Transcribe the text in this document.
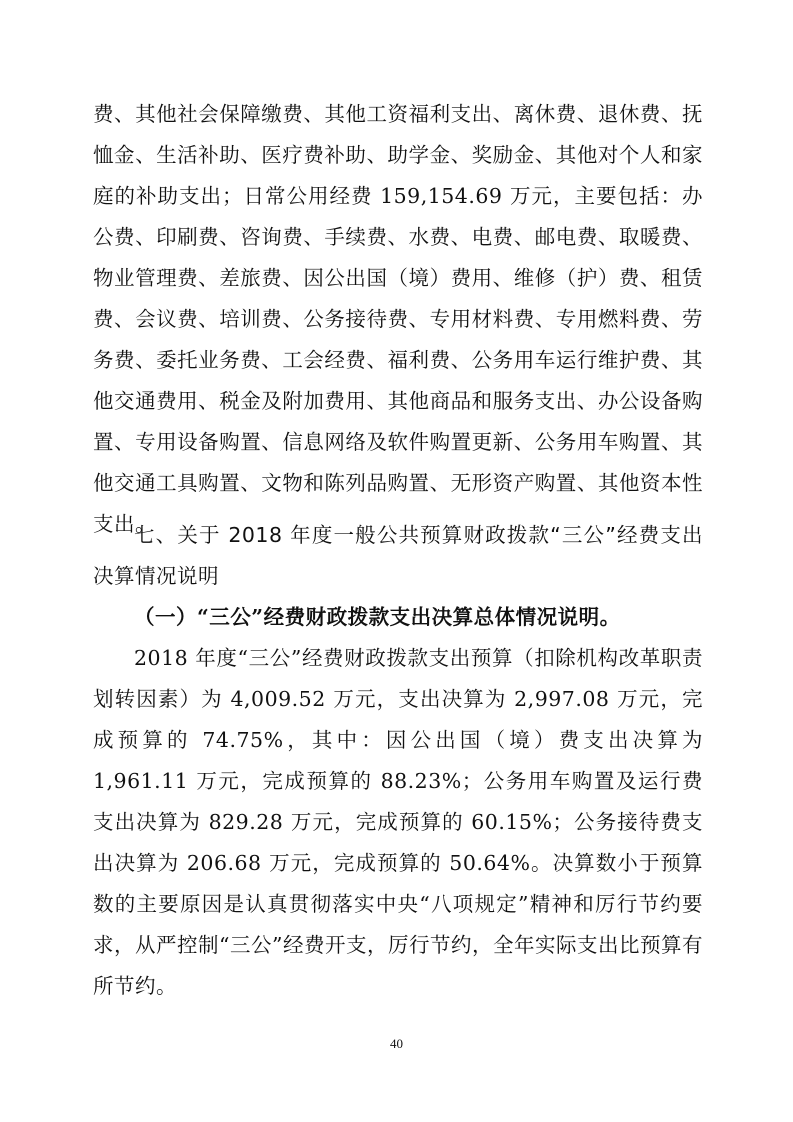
费、其他社会保障缴费、其他工资福利支出、离休费、退休费、抚恤金、生活补助、医疗费补助、助学金、奖励金、其他对个人和家庭的补助支出；日常公用经费 159,154.69 万元，主要包括：办公费、印刷费、咨询费、手续费、水费、电费、邮电费、取暖费、物业管理费、差旅费、因公出国（境）费用、维修（护）费、租赁费、会议费、培训费、公务接待费、专用材料费、专用燃料费、劳务费、委托业务费、工会经费、福利费、公务用车运行维护费、其他交通费用、税金及附加费用、其他商品和服务支出、办公设备购置、专用设备购置、信息网络及软件购置更新、公务用车购置、其他交通工具购置、文物和陈列品购置、无形资产购置、其他资本性支出。

七、关于 2018 年度一般公共预算财政拨款“三公”经费支出决算情况说明

（一）“三公”经费财政拨款支出决算总体情况说明。

2018 年度“三公”经费财政拨款支出预算（扣除机构改革职责划转因素）为 4,009.52 万元，支出决算为 2,997.08 万元，完成预算的 74.75%，其中：因公出国（境）费支出决算为 1,961.11 万元，完成预算的 88.23%；公务用车购置及运行费支出决算为 829.28 万元，完成预算的 60.15%；公务接待费支出决算为 206.68 万元，完成预算的 50.64%。决算数小于预算数的主要原因是认真贯彻落实中央“八项规定”精神和厉行节约要求，从严控制“三公”经费开支，厉行节约，全年实际支出比预算有所节约。

40
